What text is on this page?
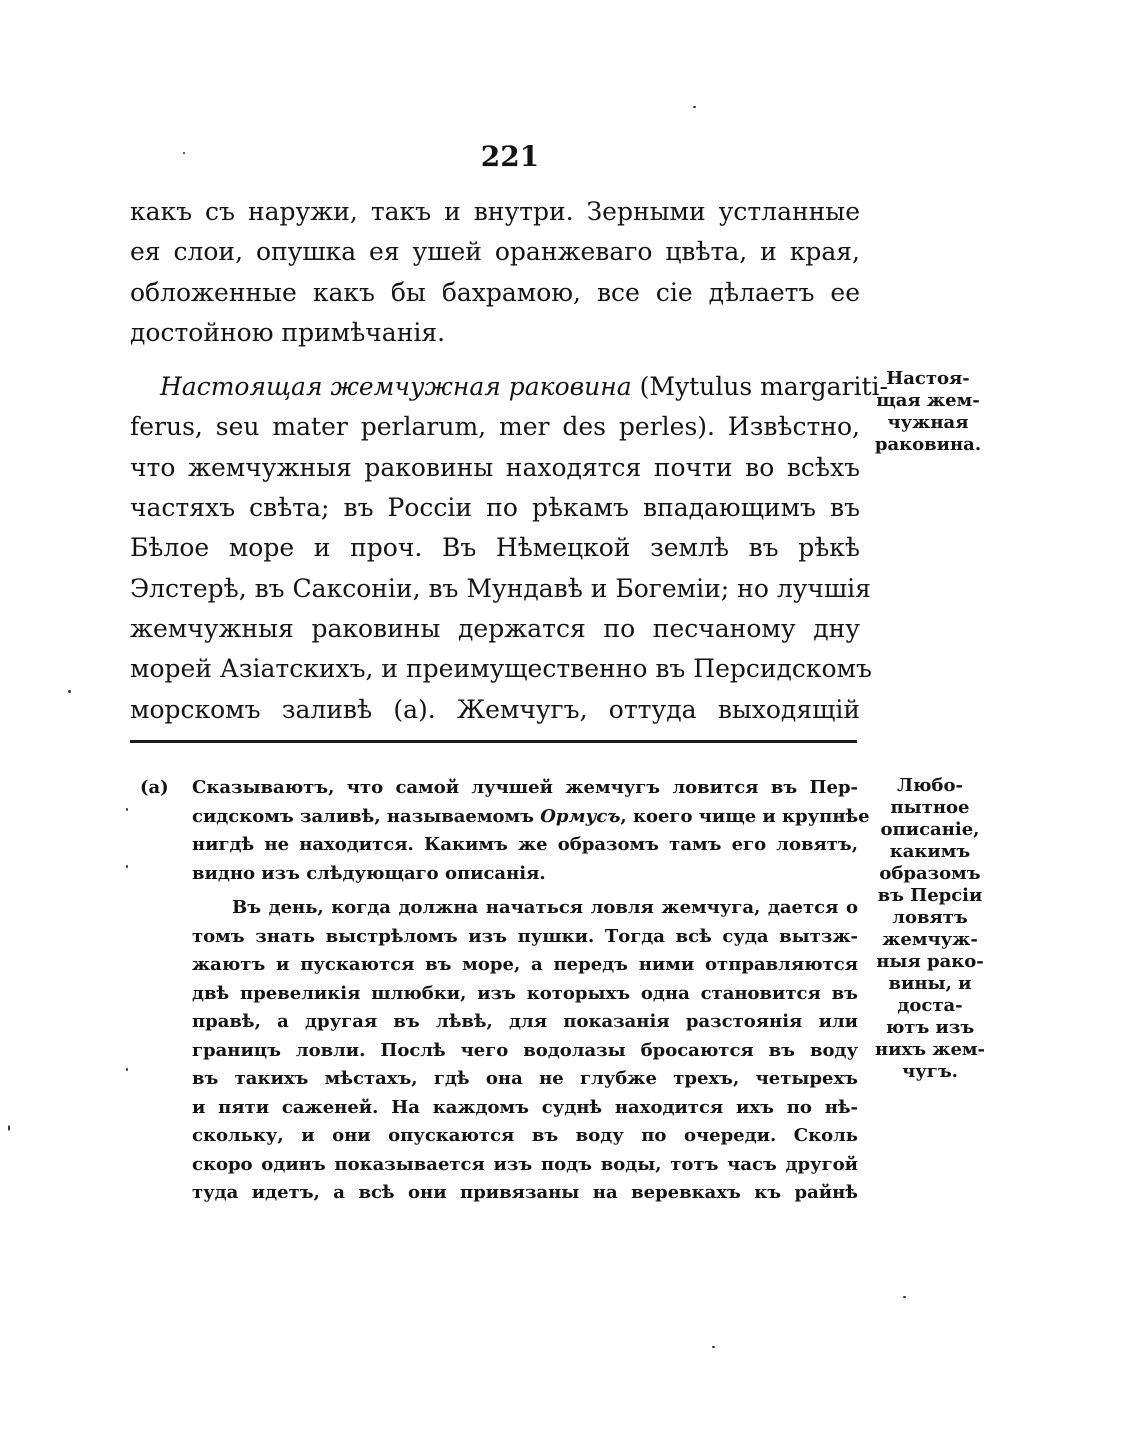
221
какъ съ наружи, такъ и внутри. Зерными устланные
ея слои, опушка ея ушей оранжеваго цвѣта, и края,
обложенные какъ бы бахрамою, все сіе дѣлаетъ ее
достойною примѣчанія.
Настоящая жемчужная раковина (Mytulus margariti-
ferus, seu mater perlarum, mer des perles). Извѣстно,
что жемчужныя раковины находятся почти во всѣхъ
частяхъ свѣта; въ Россіи по рѣкамъ впадающимъ въ
Бѣлое море и проч. Въ Нѣмецкой землѣ въ рѣкѣ
Элстерѣ, въ Саксоніи, въ Мундавѣ и Богеміи; но лучшія
жемчужныя раковины держатся по песчаному дну
морей Азіатскихъ, и преимущественно въ Персидскомъ
морскомъ заливѣ (а). Жемчугъ, оттуда выходящій
Настоя-
щая жем-
чужная
раковина.
(а)	Сказываютъ, что самой лучшей жемчугъ ловится въ Пер-
сидскомъ заливѣ, называемомъ Ормусъ, коего чище и крупнѣе
нигдѣ не находится. Какимъ же образомъ тамъ его ловятъ,
видно изъ слѣдующаго описанія.
Въ день, когда должна начаться ловля жемчуга, дается о
томъ знать выстрѣломъ изъ пушки. Тогда всѣ суда вытзж-
жаютъ и пускаются въ море, а передъ ними отправляются
двѣ превеликія шлюбки, изъ которыхъ одна становится въ
правѣ, а другая въ лѣвѣ, для показанія разстоянія или
границъ ловли. Послѣ чего водолазы бросаются въ воду
въ такихъ мѣстахъ, гдѣ она не глубже трехъ, четырехъ
и пяти саженей. На каждомъ суднѣ находится ихъ по нѣ-
скольку, и они опускаются въ воду по очереди. Сколь
скоро одинъ показывается изъ подъ воды, тотъ часъ другой
туда идетъ, а всѣ они привязаны на веревкахъ къ райнѣ
Любо-
пытное
описаніе,
какимъ
образомъ
въ Персіи
ловятъ
жемчуж-
ныя рако-
вины, и
доста-
ютъ изъ
нихъ жем-
чугъ.
